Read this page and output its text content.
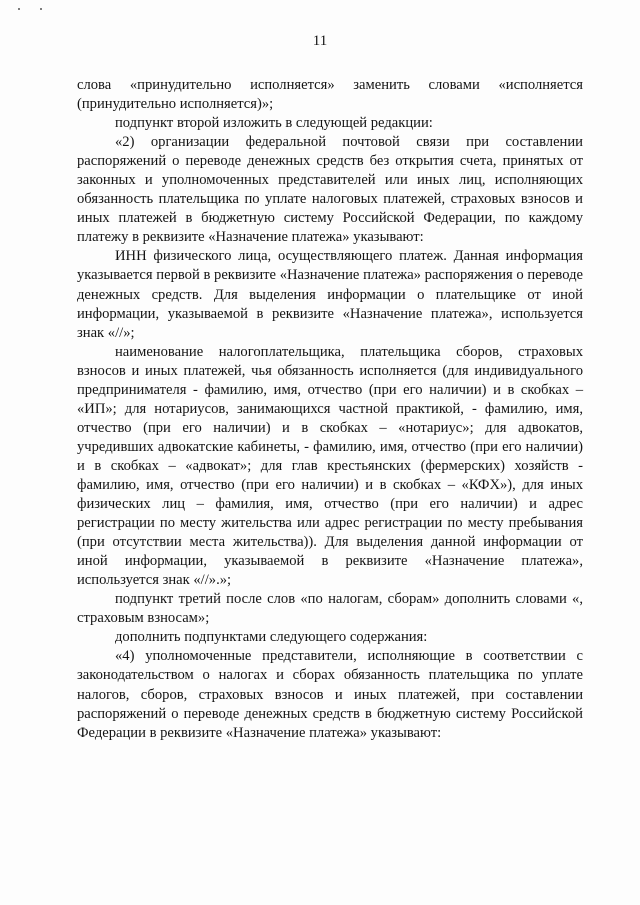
11

слова «принудительно исполняется» заменить словами «исполняется (принудительно исполняется)»;

подпункт второй изложить в следующей редакции:

«2) организации федеральной почтовой связи при составлении распоряжений о переводе денежных средств без открытия счета, принятых от законных и уполномоченных представителей или иных лиц, исполняющих обязанность плательщика по уплате налоговых платежей, страховых взносов и иных платежей в бюджетную систему Российской Федерации, по каждому платежу в реквизите «Назначение платежа» указывают:

ИНН физического лица, осуществляющего платеж. Данная информация указывается первой в реквизите «Назначение платежа» распоряжения о переводе денежных средств. Для выделения информации о плательщике от иной информации, указываемой в реквизите «Назначение платежа», используется знак «//»;

наименование налогоплательщика, плательщика сборов, страховых взносов и иных платежей, чья обязанность исполняется (для индивидуального предпринимателя - фамилию, имя, отчество (при его наличии) и в скобках – «ИП»; для нотариусов, занимающихся частной практикой, - фамилию, имя, отчество (при его наличии) и в скобках – «нотариус»; для адвокатов, учредивших адвокатские кабинеты, - фамилию, имя, отчество (при его наличии) и в скобках – «адвокат»; для глав крестьянских (фермерских) хозяйств - фамилию, имя, отчество (при его наличии) и в скобках – «КФХ»), для иных физических лиц – фамилия, имя, отчество (при его наличии) и адрес регистрации по месту жительства или адрес регистрации по месту пребывания (при отсутствии места жительства)). Для выделения данной информации от иной информации, указываемой в реквизите «Назначение платежа», используется знак «//».»;

подпункт третий после слов «по налогам, сборам» дополнить словами «, страховым взносам»;

дополнить подпунктами следующего содержания:

«4) уполномоченные представители, исполняющие в соответствии с законодательством о налогах и сборах обязанность плательщика по уплате налогов, сборов, страховых взносов и иных платежей, при составлении распоряжений о переводе денежных средств в бюджетную систему Российской Федерации в реквизите «Назначение платежа» указывают:
